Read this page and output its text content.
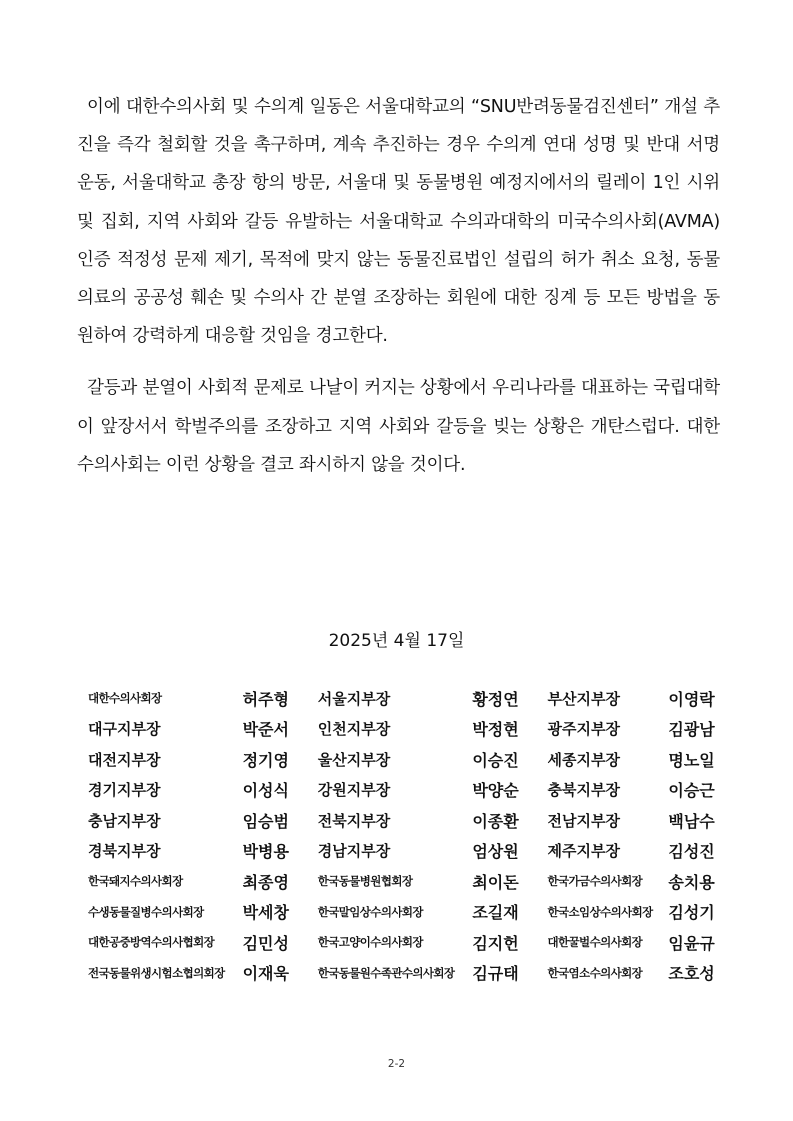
이에 대한수의사회 및 수의계 일동은 서울대학교의 “SNU반려동물검진센터” 개설 추진을 즉각 철회할 것을 촉구하며, 계속 추진하는 경우 수의계 연대 성명 및 반대 서명 운동, 서울대학교 총장 항의 방문, 서울대 및 동물병원 예정지에서의 릴레이 1인 시위 및 집회, 지역 사회와 갈등 유발하는 서울대학교 수의과대학의 미국수의사회(AVMA) 인증 적정성 문제 제기, 목적에 맞지 않는 동물진료법인 설립의 허가 취소 요청, 동물의료의 공공성 훼손 및 수의사 간 분열 조장하는 회원에 대한 징계 등 모든 방법을 동원하여 강력하게 대응할 것임을 경고한다.

갈등과 분열이 사회적 문제로 나날이 커지는 상황에서 우리나라를 대표하는 국립대학이 앞장서서 학벌주의를 조장하고 지역 사회와 갈등을 빚는 상황은 개탄스럽다. 대한수의사회는 이런 상황을 결코 좌시하지 않을 것이다.

2025년 4월 17일
대한수의사회장	허주형	서울지부장	황정연	부산지부장	이영락
대구지부장	박준서	인천지부장	박정현	광주지부장	김광남
대전지부장	정기영	울산지부장	이승진	세종지부장	명노일
경기지부장	이성식	강원지부장	박양순	충북지부장	이승근
충남지부장	임승범	전북지부장	이종환	전남지부장	백남수
경북지부장	박병용	경남지부장	엄상원	제주지부장	김성진
한국돼지수의사회장	최종영	한국동물병원협회장	최이돈	한국가금수의사회장	송치용
수생동물질병수의사회장	박세창	한국말임상수의사회장	조길재	한국소임상수의사회장	김성기
대한공중방역수의사협회장	김민성	한국고양이수의사회장	김지헌	대한꿀벌수의사회장	임윤규
전국동물위생시험소협의회장	이재욱	한국동물원수족관수의사회장	김규태	한국염소수의사회장	조호성
2-2
